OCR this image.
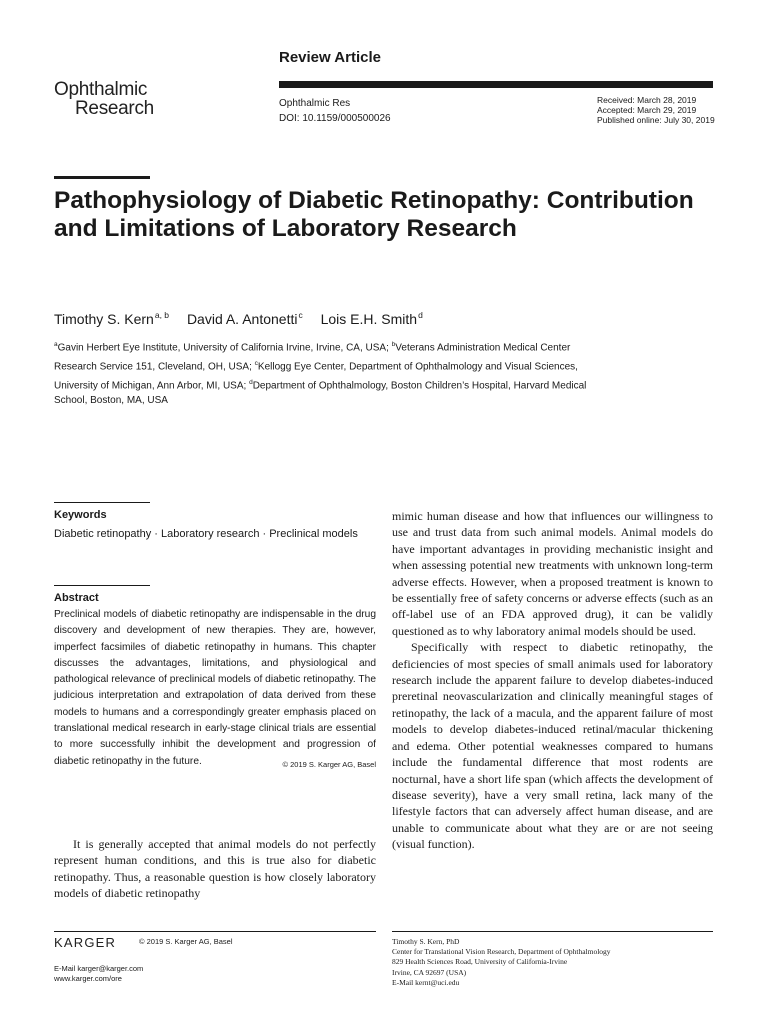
Ophthalmic
Research
Review Article
Ophthalmic Res
DOI: 10.1159/000500026
Received: March 28, 2019
Accepted: March 29, 2019
Published online: July 30, 2019
Pathophysiology of Diabetic Retinopathy: Contribution and Limitations of Laboratory Research
Timothy S. Kern$^{a, b}$ David A. Antonetti$^c$ Lois E.H. Smith$^d$

$^a$Gavin Herbert Eye Institute, University of California Irvine, Irvine, CA, USA; $^b$Veterans Administration Medical Center Research Service 151, Cleveland, OH, USA; $^c$Kellogg Eye Center, Department of Ophthalmology and Visual Sciences, University of Michigan, Ann Arbor, MI, USA; $^d$Department of Ophthalmology, Boston Children’s Hospital, Harvard Medical School, Boston, MA, USA

Keywords
Diabetic retinopathy · Laboratory research · Preclinical models
Abstract
Preclinical models of diabetic retinopathy are indispensable in the drug discovery and development of new therapies. They are, however, imperfect facsimiles of diabetic retinopathy in humans. This chapter discusses the advantages, limitations, and physiological and pathological relevance of preclinical models of diabetic retinopathy. The judicious interpretation and extrapolation of data derived from these models to humans and a correspondingly greater emphasis placed on translational medical research in early-stage clinical trials are essential to more successfully inhibit the development and progression of diabetic retinopathy in the future.	© 2019 S. Karger AG, Basel

It is generally accepted that animal models do not perfectly represent human conditions, and this is true also for diabetic retinopathy. Thus, a reasonable question is how closely laboratory models of diabetic retinopathy

mimic human disease and how that influences our willingness to use and trust data from such animal models. Animal models do have important advantages in providing mechanistic insight and when assessing potential new treatments with unknown long-term adverse effects. However, when a proposed treatment is known to be essentially free of safety concerns or adverse effects (such as an off-label use of an FDA approved drug), it can be validly questioned as to why laboratory animal models should be used.

Specifically with respect to diabetic retinopathy, the deficiencies of most species of small animals used for laboratory research include the apparent failure to develop diabetes-induced preretinal neovascularization and clinically meaningful stages of retinopathy, the lack of a macula, and the apparent failure of most models to develop diabetes-induced retinal/macular thickening and edema. Other potential weaknesses compared to humans include the fundamental difference that most rodents are nocturnal, have a short life span (which affects the development of disease severity), have a very small retina, lack many of the lifestyle factors that can adversely affect human disease, and are unable to communicate about what they are or are not seeing (visual function).

KARGER	© 2019 S. Karger AG, Basel
E-Mail karger@karger.com
www.karger.com/ore
Timothy S. Kern, PhD
Center for Translational Vision Research, Department of Ophthalmology
829 Health Sciences Road, University of California-Irvine
Irvine, CA 92697 (USA)
E-Mail kernt@uci.edu
